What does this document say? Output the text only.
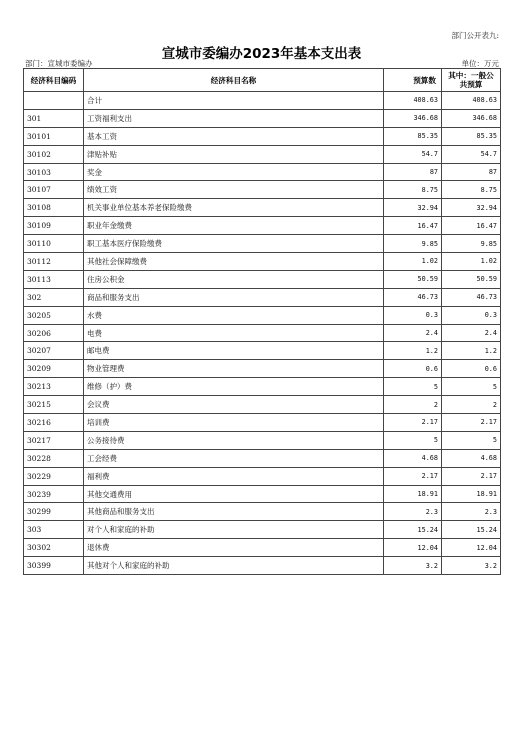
部门公开表九:
宣城市委编办2023年基本支出表
部门：宣城市委编办	单位：万元
经济科目编码	经济科目名称	预算数	其中：一般公共预算
	合计	408.63	408.63
301	工资福利支出	346.68	346.68
30101	基本工资	85.35	85.35
30102	津贴补贴	54.7	54.7
30103	奖金	87	87
30107	绩效工资	8.75	8.75
30108	机关事业单位基本养老保险缴费	32.94	32.94
30109	职业年金缴费	16.47	16.47
30110	职工基本医疗保险缴费	9.85	9.85
30112	其他社会保障缴费	1.02	1.02
30113	住房公积金	50.59	50.59
302	商品和服务支出	46.73	46.73
30205	水费	0.3	0.3
30206	电费	2.4	2.4
30207	邮电费	1.2	1.2
30209	物业管理费	0.6	0.6
30213	维修（护）费	5	5
30215	会议费	2	2
30216	培训费	2.17	2.17
30217	公务接待费	5	5
30228	工会经费	4.68	4.68
30229	福利费	2.17	2.17
30239	其他交通费用	18.91	18.91
30299	其他商品和服务支出	2.3	2.3
303	对个人和家庭的补助	15.24	15.24
30302	退休费	12.04	12.04
30399	其他对个人和家庭的补助	3.2	3.2
